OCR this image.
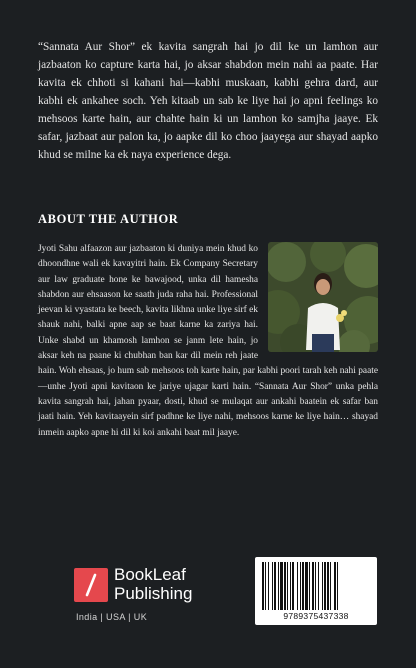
“Sannata Aur Shor” ek kavita sangrah hai jo dil ke un lamhon aur jazbaaton ko capture karta hai, jo aksar shabdon mein nahi aa paate. Har kavita ek chhoti si kahani hai—kabhi muskaan, kabhi gehra dard, aur kabhi ek ankahee soch. Yeh kitaab un sab ke liye hai jo apni feelings ko mehsoos karte hain, aur chahte hain ki un lamhon ko samjha jaaye. Ek safar, jazbaat aur palon ka, jo aapke dil ko choo jaayega aur shayad aapko khud se milne ka ek naya experience dega.

ABOUT THE AUTHOR
Jyoti Sahu alfaazon aur jazbaaton ki duniya mein khud ko dhoondhne wali ek kavayitri hain. Ek Company Secretary aur law graduate hone ke bawajood, unka dil hamesha shabdon aur ehsaason ke saath juda raha hai. Professional jeevan ki vyastata ke beech, kavita likhna unke liye sirf ek shauk nahi, balki apne aap se baat karne ka zariya hai. Unke shabd un khamosh lamhon se janm lete hain, jo aksar keh na paane ki chubhan ban kar dil mein reh jaate hain. Woh ehsaas, jo hum sab mehsoos toh karte hain, par kabhi poori tarah keh nahi paate—unhe Jyoti apni kavitaon ke jariye ujagar karti hain. “Sannata Aur Shor” unka pehla kavita sangrah hai, jahan pyaar, dosti, khud se mulaqat aur ankahi baatein ek safar ban jaati hain. Yeh kavitaayein sirf padhne ke liye nahi, mehsoos karne ke liye hain… shayad inmein aapko apne hi dil ki koi ankahi baat mil jaaye.
BookLeaf
Publishing
India | USA | UK	9789375437338
